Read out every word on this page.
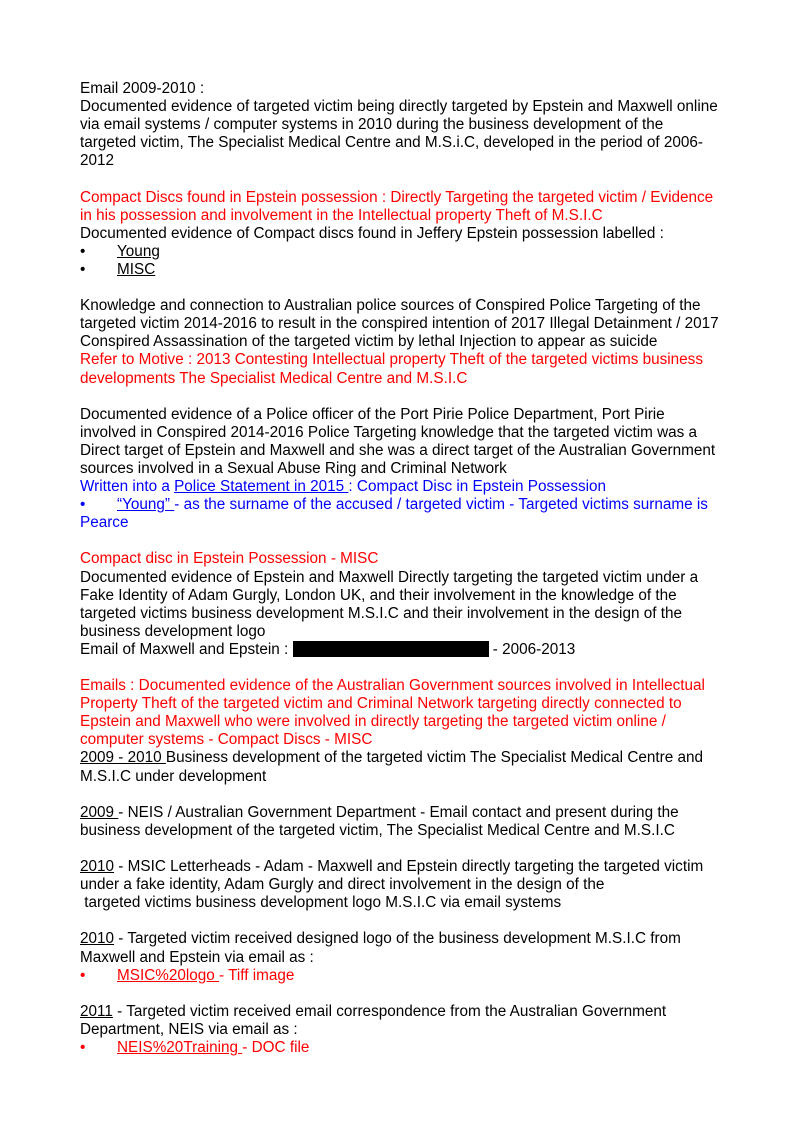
Email 2009-2010 :

Documented evidence of targeted victim being directly targeted by Epstein and Maxwell online via email systems / computer systems in 2010 during the business development of the targeted victim, The Specialist Medical Centre and M.S.i.C, developed in the period of 2006-2012

Compact Discs found in Epstein possession : Directly Targeting the targeted victim / Evidence in his possession and involvement in the Intellectual property Theft of M.S.I.C

Documented evidence of Compact discs found in Jeffery Epstein possession labelled :

•	Young
•	MISC

Knowledge and connection to Australian police sources of Conspired Police Targeting of the targeted victim 2014-2016 to result in the conspired intention of 2017 Illegal Detainment / 2017 Conspired Assassination of the targeted victim by lethal Injection to appear as suicide

Refer to Motive : 2013 Contesting Intellectual property Theft of the targeted victims business developments The Specialist Medical Centre and M.S.I.C

Documented evidence of a Police officer of the Port Pirie Police Department, Port Pirie involved in Conspired 2014-2016 Police Targeting knowledge that the targeted victim was a Direct target of Epstein and Maxwell and she was a direct target of the Australian Government sources involved in a Sexual Abuse Ring and Criminal Network

Written into a Police Statement in 2015 : Compact Disc in Epstein Possession

• “Young” - as the surname of the accused / targeted victim - Targeted victims surname is Pearce

Compact disc in Epstein Possession - MISC

Documented evidence of Epstein and Maxwell Directly targeting the targeted victim under a Fake Identity of Adam Gurgly, London UK, and their involvement in the knowledge of the targeted victims business development M.S.I.C and their involvement in the design of the business development logo

Email of Maxwell and Epstein :	- 2006-2013

Emails : Documented evidence of the Australian Government sources involved in Intellectual Property Theft of the targeted victim and Criminal Network targeting directly connected to Epstein and Maxwell who were involved in directly targeting the targeted victim online / computer systems - Compact Discs - MISC

2009 - 2010 Business development of the targeted victim The Specialist Medical Centre and M.S.I.C under development

2009 - NEIS / Australian Government Department - Email contact and present during the business development of the targeted victim, The Specialist Medical Centre and M.S.I.C

2010 - MSIC Letterheads - Adam - Maxwell and Epstein directly targeting the targeted victim under a fake identity, Adam Gurgly and direct involvement in the design of the

targeted victims business development logo M.S.I.C via email systems

2010 - Targeted victim received designed logo of the business development M.S.I.C from Maxwell and Epstein via email as :

•	MSIC%20logo - Tiff image

2011 - Targeted victim received email correspondence from the Australian Government Department, NEIS via email as :

•	NEIS%20Training - DOC file
